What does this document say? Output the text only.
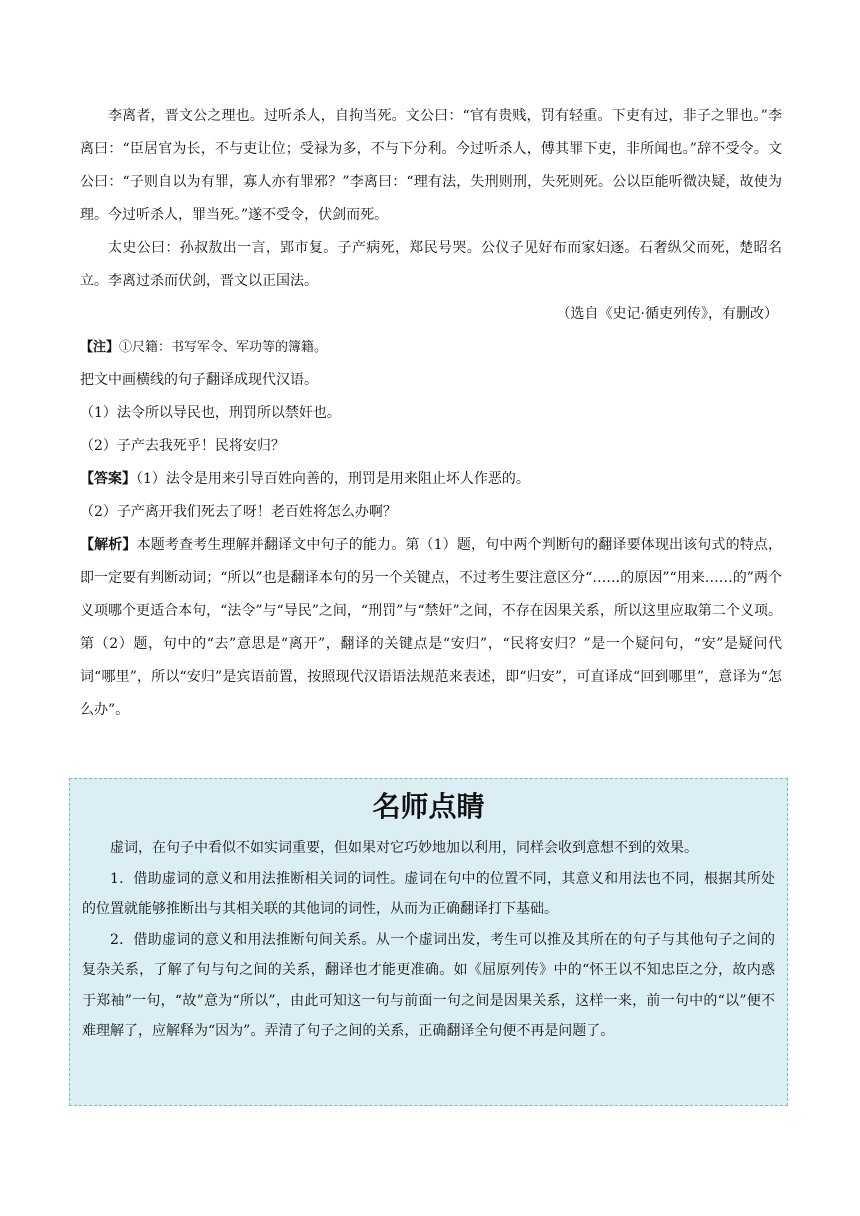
李离者，晋文公之理也。过听杀人，自拘当死。文公曰：“官有贵贱，罚有轻重。下吏有过，非子之罪也。”李离曰：“臣居官为长，不与吏让位；受禄为多，不与下分利。今过听杀人，傅其罪下吏，非所闻也。”辞不受令。文公曰：“子则自以为有罪，寡人亦有罪邪？”李离曰：“理有法，失刑则刑，失死则死。公以臣能听微决疑，故使为理。今过听杀人，罪当死。”遂不受令，伏剑而死。

太史公曰：孙叔敖出一言，郢市复。子产病死，郑民号哭。公仪子见好布而家妇逐。石奢纵父而死，楚昭名立。李离过杀而伏剑，晋文以正国法。

（选自《史记·循吏列传》，有删改）

【注】①尺籍：书写军令、军功等的簿籍。

把文中画横线的句子翻译成现代汉语。

（1）法令所以导民也，刑罚所以禁奸也。

（2）子产去我死乎！民将安归？

【答案】（1）法令是用来引导百姓向善的，刑罚是用来阻止坏人作恶的。

（2）子产离开我们死去了呀！老百姓将怎么办啊？

【解析】本题考查考生理解并翻译文中句子的能力。第（1）题，句中两个判断句的翻译要体现出该句式的特点，即一定要有判断动词；“所以”也是翻译本句的另一个关键点，不过考生要注意区分“……的原因”“用来……的”两个义项哪个更适合本句，“法令”与“导民”之间，“刑罚”与“禁奸”之间，不存在因果关系，所以这里应取第二个义项。第（2）题，句中的“去”意思是“离开”，翻译的关键点是“安归”，“民将安归？”是一个疑问句，“安”是疑问代词“哪里”，所以“安归”是宾语前置，按照现代汉语语法规范来表述，即“归安”，可直译成“回到哪里”，意译为“怎么办”。

名师点睛

虚词，在句子中看似不如实词重要，但如果对它巧妙地加以利用，同样会收到意想不到的效果。

1．借助虚词的意义和用法推断相关词的词性。虚词在句中的位置不同，其意义和用法也不同，根据其所处的位置就能够推断出与其相关联的其他词的词性，从而为正确翻译打下基础。

2．借助虚词的意义和用法推断句间关系。从一个虚词出发，考生可以推及其所在的句子与其他句子之间的复杂关系，了解了句与句之间的关系，翻译也才能更准确。如《屈原列传》中的“怀王以不知忠臣之分，故内惑于郑袖”一句，“故”意为“所以”，由此可知这一句与前面一句之间是因果关系，这样一来，前一句中的“以”便不难理解了，应解释为“因为”。弄清了句子之间的关系，正确翻译全句便不再是问题了。
